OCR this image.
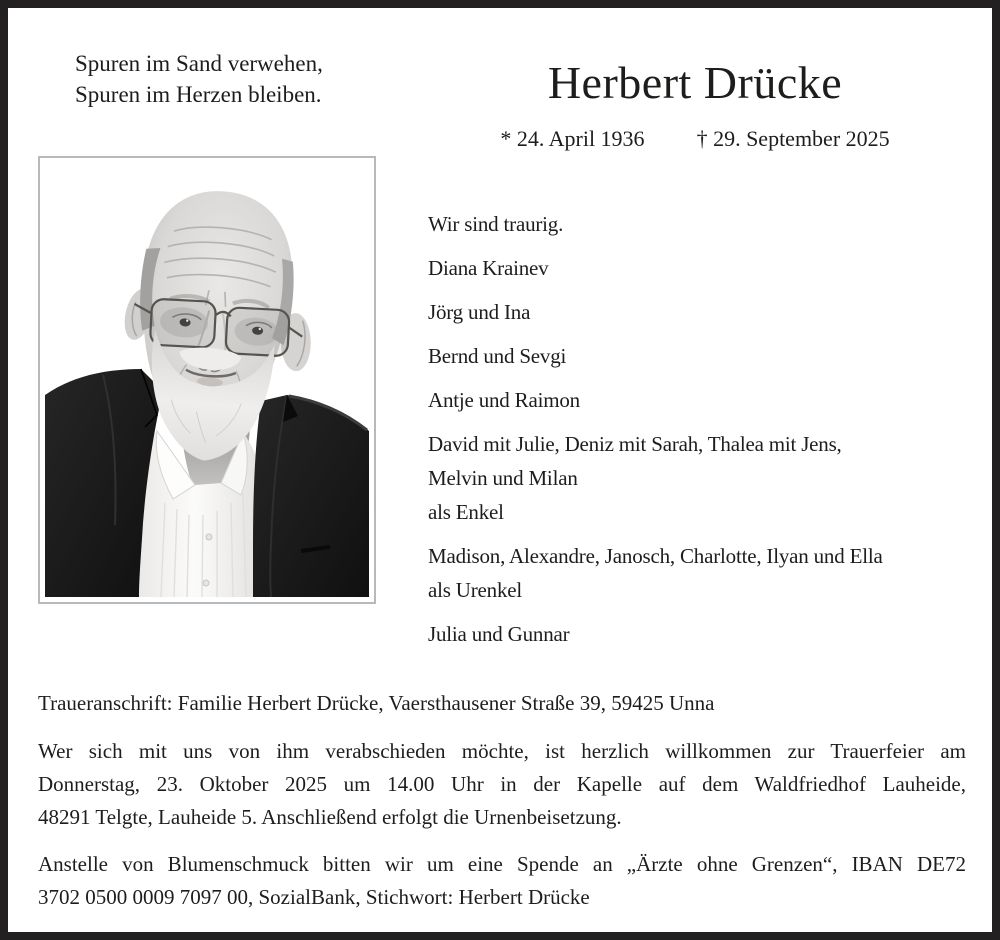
Spuren im Sand verwehen,
Spuren im Herzen bleiben.	Herbert Drücke
* 24. April 1936 † 29. September 2025
Wir sind traurig.
Diana Krainev
Jörg und Ina
Bernd und Sevgi
Antje und Raimon
David mit Julie, Deniz mit Sarah, Thalea mit Jens,
Melvin und Milan
als Enkel
Madison, Alexandre, Janosch, Charlotte, Ilyan und Ella
als Urenkel
Julia und Gunnar
Traueranschrift: Familie Herbert Drücke, Vaersthausener Straße 39, 59425 Unna
Wer sich mit uns von ihm verabschieden möchte, ist herzlich willkommen zur Trauerfeier am
Donnerstag, 23. Oktober 2025 um 14.00 Uhr in der Kapelle auf dem Waldfriedhof Lauheide,
48291 Telgte, Lauheide 5. Anschließend erfolgt die Urnenbeisetzung.
Anstelle von Blumenschmuck bitten wir um eine Spende an „Ärzte ohne Grenzen“, IBAN DE72
3702 0500 0009 7097 00, SozialBank, Stichwort: Herbert Drücke
